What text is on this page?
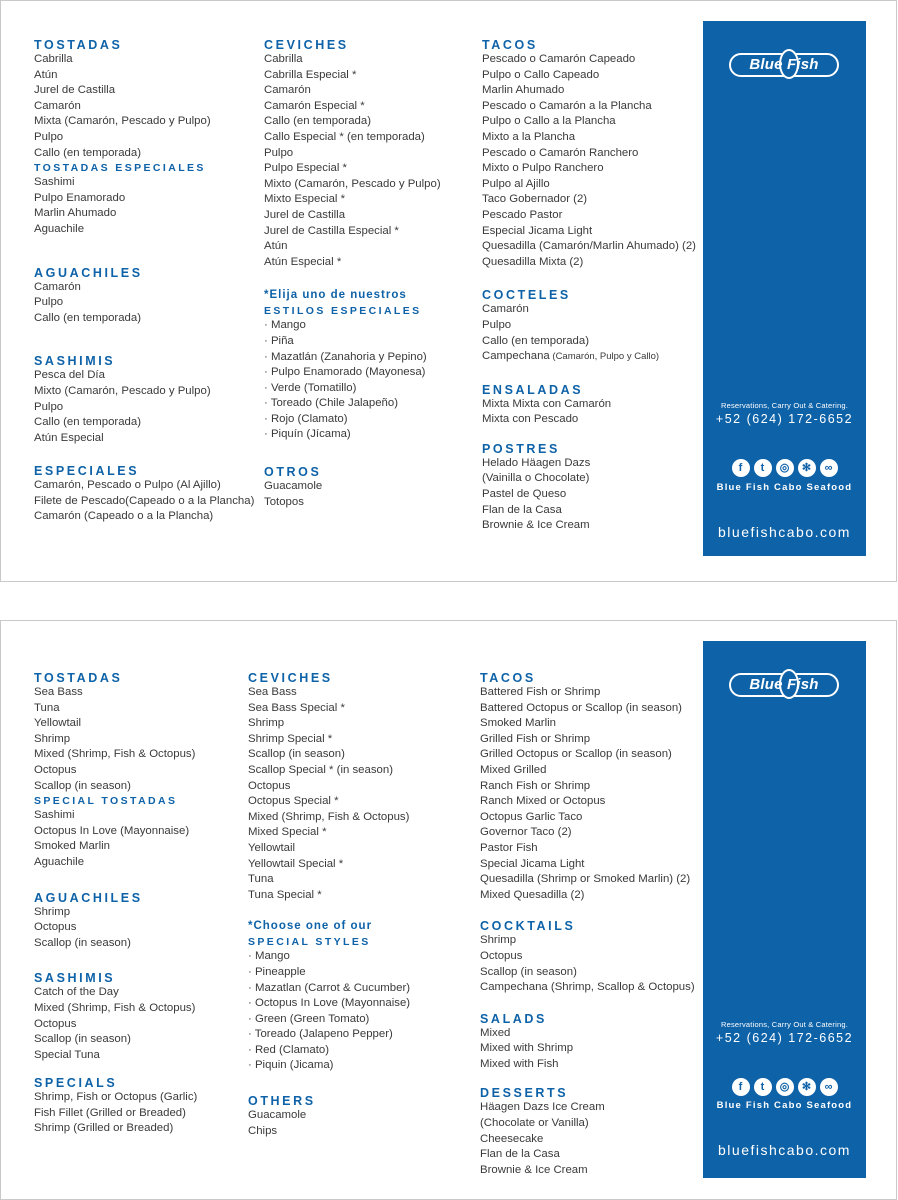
TOSTADAS
Cabrilla
Atún
Jurel de Castilla
Camarón
Mixta (Camarón, Pescado y Pulpo)
Pulpo
Callo (en temporada)
TOSTADAS ESPECIALES
Sashimi
Pulpo Enamorado
Marlin Ahumado
Aguachile
AGUACHILES
Camarón
Pulpo
Callo (en temporada)
SASHIMIS
Pesca del Día
Mixto (Camarón, Pescado y Pulpo)
Pulpo
Callo (en temporada)
Atún Especial
ESPECIALES
Camarón, Pescado o Pulpo (Al Ajillo)
Filete de Pescado(Capeado o a la Plancha)
Camarón (Capeado o a la Plancha)
CEVICHES
Cabrilla
Cabrilla Especial *
Camarón
Camarón Especial *
Callo (en temporada)
Callo Especial * (en temporada)
Pulpo
Pulpo Especial *
Mixto (Camarón, Pescado y Pulpo)
Mixto Especial *
Jurel de Castilla
Jurel de Castilla Especial *
Atún
Atún Especial *
*Elija uno de nuestros
ESTILOS ESPECIALES
· Mango
· Piña
· Mazatlán (Zanahoria y Pepino)
· Pulpo Enamorado (Mayonesa)
· Verde (Tomatillo)
· Toreado (Chile Jalapeño)
· Rojo (Clamato)
· Piquín (Jícama)
OTROS
Guacamole
Totopos
TACOS
Pescado o Camarón Capeado
Pulpo o Callo Capeado
Marlin Ahumado
Pescado o Camarón a la Plancha
Pulpo o Callo a la Plancha
Mixto a la Plancha
Pescado o Camarón Ranchero
Mixto o Pulpo Ranchero
Pulpo al Ajillo
Taco Gobernador (2)
Pescado Pastor
Especial Jicama Light
Quesadilla (Camarón/Marlin Ahumado) (2)
Quesadilla Mixta (2)
COCTELES
Camarón
Pulpo
Callo (en temporada)
Campechana (Camarón, Pulpo y Callo)
ENSALADAS
Mixta Mixta con Camarón
Mixta con Pescado
POSTRES
Helado Häagen Dazs
(Vainilla o Chocolate)
Pastel de Queso
Flan de la Casa
Brownie & Ice Cream
Blue Fish
Reservations, Carry Out & Catering.
+52 (624) 172-6652
f t ◎ ✻ ∞
Blue Fish Cabo Seafood
bluefishcabo.com
TOSTADAS
Sea Bass
Tuna
Yellowtail
Shrimp
Mixed (Shrimp, Fish & Octopus)
Octopus
Scallop (in season)
SPECIAL TOSTADAS
Sashimi
Octopus In Love (Mayonnaise)
Smoked Marlin
Aguachile
AGUACHILES
Shrimp
Octopus
Scallop (in season)
SASHIMIS
Catch of the Day
Mixed (Shrimp, Fish & Octopus)
Octopus
Scallop (in season)
Special Tuna
SPECIALS
Shrimp, Fish or Octopus (Garlic)
Fish Fillet (Grilled or Breaded)
Shrimp (Grilled or Breaded)
CEVICHES
Sea Bass
Sea Bass Special *
Shrimp
Shrimp Special *
Scallop (in season)
Scallop Special * (in season)
Octopus
Octopus Special *
Mixed (Shrimp, Fish & Octopus)
Mixed Special *
Yellowtail
Yellowtail Special *
Tuna
Tuna Special *
*Choose one of our
SPECIAL STYLES
· Mango
· Pineapple
· Mazatlan (Carrot & Cucumber)
· Octopus In Love (Mayonnaise)
· Green (Green Tomato)
· Toreado (Jalapeno Pepper)
· Red (Clamato)
· Piquin (Jicama)
OTHERS
Guacamole
Chips
TACOS
Battered Fish or Shrimp
Battered Octopus or Scallop (in season)
Smoked Marlin
Grilled Fish or Shrimp
Grilled Octopus or Scallop (in season)
Mixed Grilled
Ranch Fish or Shrimp
Ranch Mixed or Octopus
Octopus Garlic Taco
Governor Taco (2)
Pastor Fish
Special Jicama Light
Quesadilla (Shrimp or Smoked Marlin) (2)
Mixed Quesadilla (2)
COCKTAILS
Shrimp
Octopus
Scallop (in season)
Campechana (Shrimp, Scallop & Octopus)
SALADS
Mixed
Mixed with Shrimp
Mixed with Fish
DESSERTS
Häagen Dazs Ice Cream
(Chocolate or Vanilla)
Cheesecake
Flan de la Casa
Brownie & Ice Cream
Blue Fish
Reservations, Carry Out & Catering.
+52 (624) 172-6652
f t ◎ ✻ ∞
Blue Fish Cabo Seafood
bluefishcabo.com
